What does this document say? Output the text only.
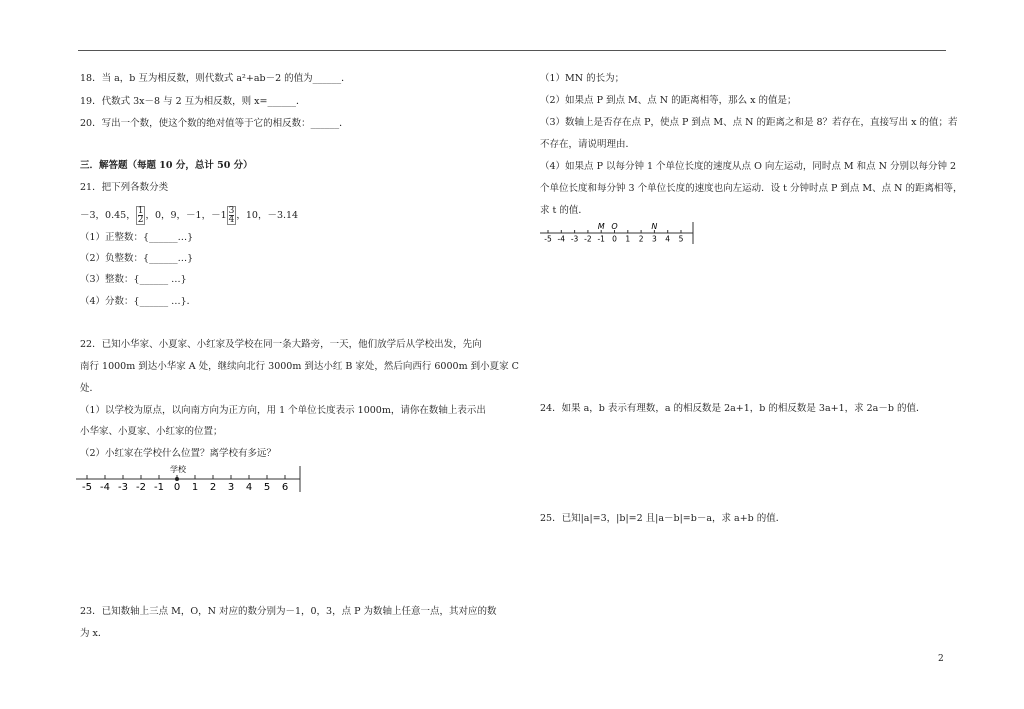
18．当 a，b 互为相反数，则代数式 a²+ab－2 的值为______．
19．代数式 3x－8 与 2 互为相反数，则 x=______．
20．写出一个数，使这个数的绝对值等于它的相反数：______．
三．解答题（每题 10 分，总计 50 分）
21．把下列各数分类
－3，0.45， $\frac{1}{2}$ ，0，9，－1，$-1 \frac{3}{4}$ ，10，－3.14
（1）正整数：{______…}
（2）负整数：{______…}
（3）整数：{______ …}
（4）分数：{______ …}．
22．已知小华家、小夏家、小红家及学校在同一条大路旁，一天，他们放学后从学校出发，先向
南行 1000m 到达小华家 A 处，继续向北行 3000m 到达小红 B 家处，然后向西行 6000m 到小夏家 C
处．
（1）以学校为原点，以向南方向为正方向，用 1 个单位长度表示 1000m，请你在数轴上表示出
小华家、小夏家、小红家的位置；
（2）小红家在学校什么位置？离学校有多远？
-5 -4 -3 -2 -1 0 1 2 3 4 5 6
学校
23．已知数轴上三点 M，O，N 对应的数分别为－1，0，3，点 P 为数轴上任意一点，其对应的数
为 x．
（1）MN 的长为；
（2）如果点 P 到点 M、点 N 的距离相等，那么 x 的值是；
（3）数轴上是否存在点 P，使点 P 到点 M、点 N 的距离之和是 8？若存在，直接写出 x 的值；若
不存在，请说明理由．
（4）如果点 P 以每分钟 1 个单位长度的速度从点 O 向左运动，同时点 M 和点 N 分别以每分钟 2
个单位长度和每分钟 3 个单位长度的速度也向左运动．设 t 分钟时点 P 到点 M、点 N 的距离相等，
求 t 的值．
-5 -4 -3 -2 -1 0 1 2 3 4 5
M O	N
24．如果 a，b 表示有理数，a 的相反数是 2a+1，b 的相反数是 3a+1，求 2a－b 的值．
25．已知|a|=3，|b|=2 且|a－b|=b－a，求 a+b 的值．
2
